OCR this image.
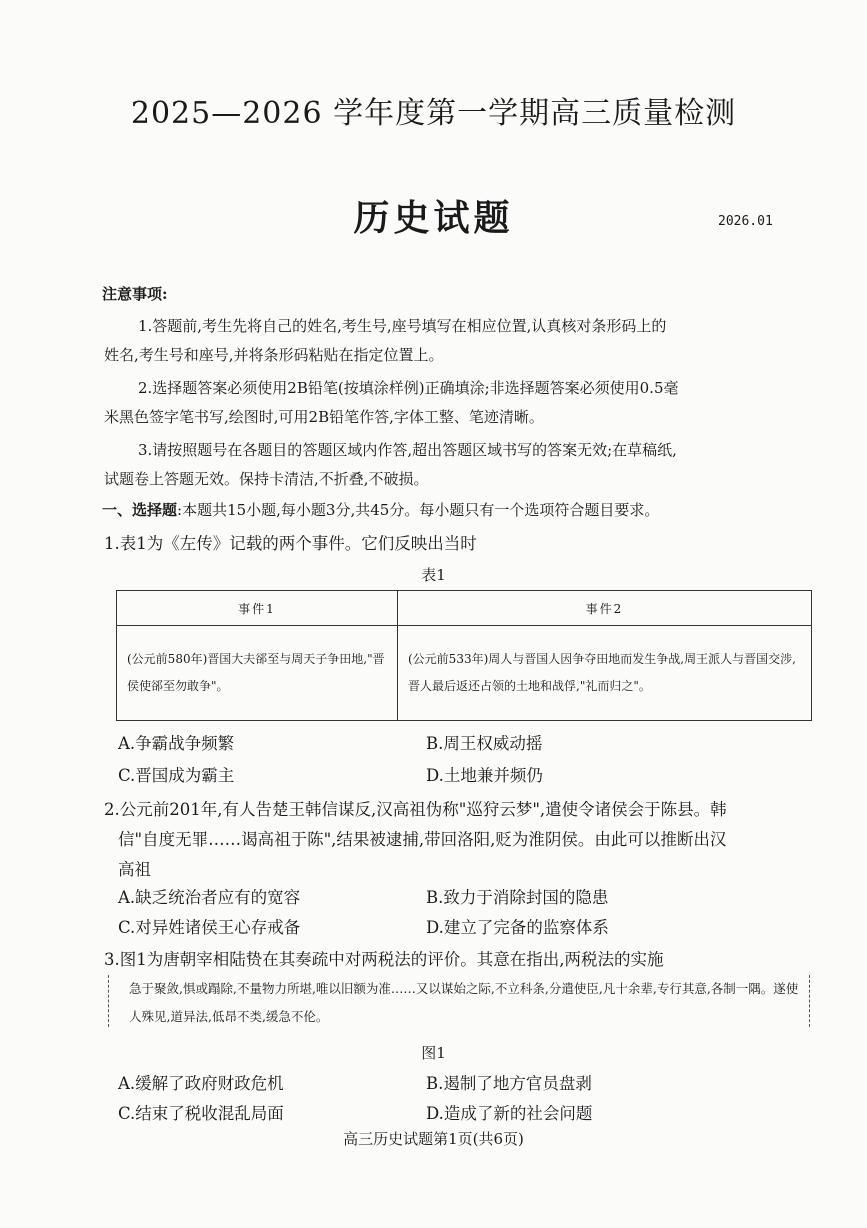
2025—2026 学年度第一学期高三质量检测
历史试题	2026.01
注意事项:
1.答题前,考生先将自己的姓名,考生号,座号填写在相应位置,认真核对条形码上的
姓名,考生号和座号,并将条形码粘贴在指定位置上。
2.选择题答案必须使用2B铅笔(按填涂样例)正确填涂;非选择题答案必须使用0.5毫
米黑色签字笔书写,绘图时,可用2B铅笔作答,字体工整、笔迹清晰。
3.请按照题号在各题目的答题区域内作答,超出答题区域书写的答案无效;在草稿纸,
试题卷上答题无效。保持卡清洁,不折叠,不破损。
一、选择题:本题共15小题,每小题3分,共45分。每小题只有一个选项符合题目要求。
1.表1为《左传》记载的两个事件。它们反映出当时
表1
事件1	事件2

(公元前580年)晋国大夫郤至与周天子争田地,"晋侯使郤至勿敢争"。	(公元前533年)周人与晋国人因争夺田地而发生争战,周王派人与晋国交涉,晋人最后返还占领的土地和战俘,"礼而归之"。
A.争霸战争频繁	B.周王权威动摇
C.晋国成为霸主	D.土地兼并频仍
2.公元前201年,有人告楚王韩信谋反,汉高祖伪称"巡狩云梦",遣使令诸侯会于陈县。韩
信"自度无罪……谒高祖于陈",结果被逮捕,带回洛阳,贬为淮阴侯。由此可以推断出汉
高祖
A.缺乏统治者应有的宽容	B.致力于消除封国的隐患
C.对异姓诸侯王心存戒备	D.建立了完备的监察体系
3.图1为唐朝宰相陆贽在其奏疏中对两税法的评价。其意在指出,两税法的实施
急于聚敛,惧或蹋除,不量物力所堪,唯以旧额为准……又以谋始之际,不立科条,分遣使臣,凡十余辈,专行其意,各制一隅。遂使人殊见,道异法,低昂不类,缓急不伦。
图1
A.缓解了政府财政危机	B.遏制了地方官员盘剥
C.结束了税收混乱局面	D.造成了新的社会问题
高三历史试题第1页(共6页)
